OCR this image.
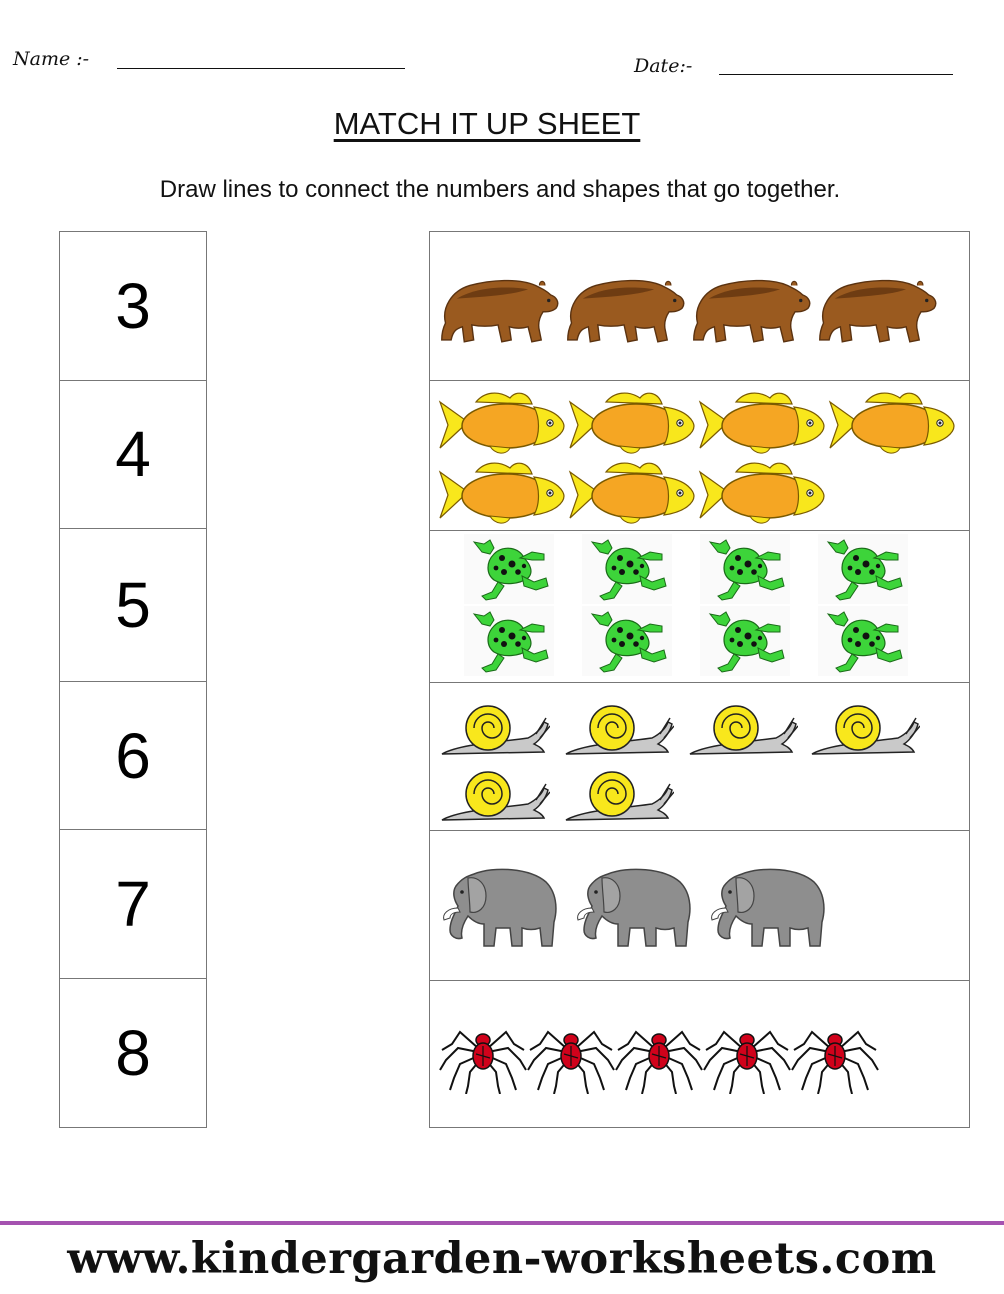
Name :-	Date:-
MATCH IT UP SHEET
Draw lines to connect the numbers and shapes that go together.
3
4
5
6
7
8
www.kindergarden-worksheets.com
